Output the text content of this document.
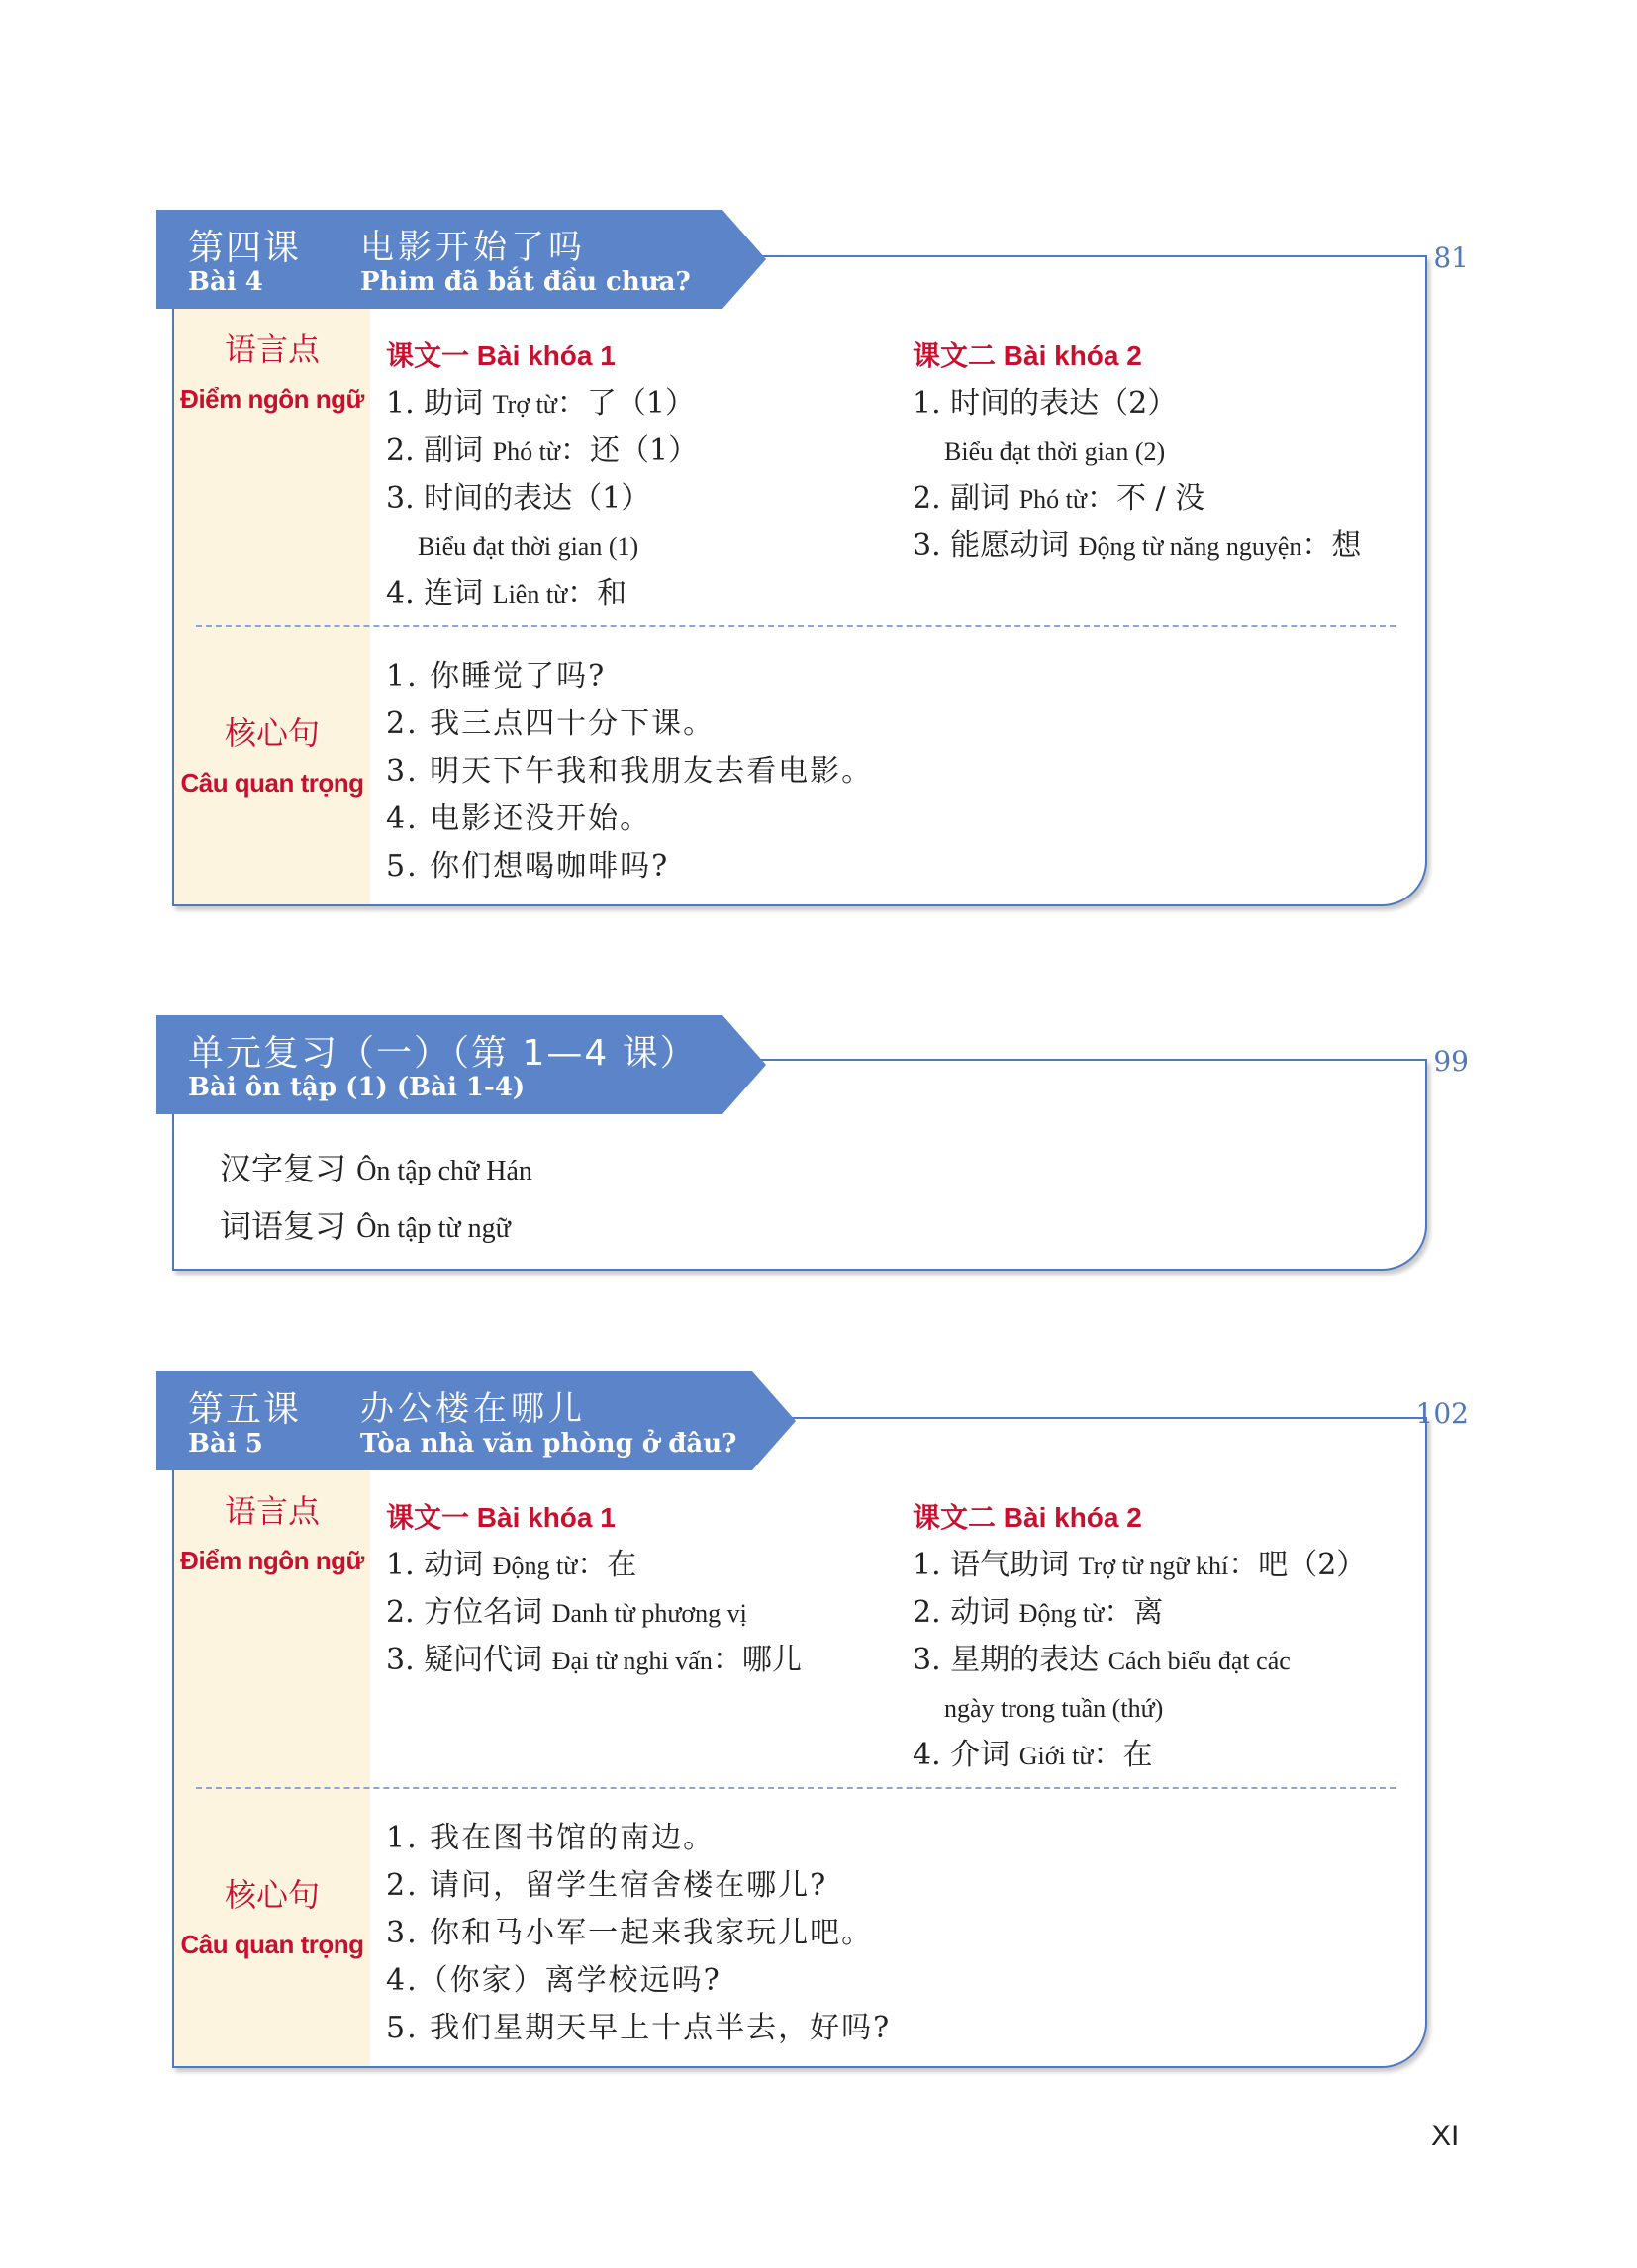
语言点
Điểm ngôn ngữ
课文一 Bài khóa 1
1. 助词 Trợ từ：了（1）
2. 副词 Phó từ：还（1）
3. 时间的表达（1）
Biểu đạt thời gian (1)
4. 连词 Liên từ：和
课文二 Bài khóa 2
1. 时间的表达（2）
Biểu đạt thời gian (2)
2. 副词 Phó từ：不 / 没
3. 能愿动词 Động từ năng nguyện：想
核心句
Câu quan trọng
1. 你睡觉了吗?
2. 我三点四十分下课。
3. 明天下午我和我朋友去看电影。
4. 电影还没开始。
5. 你们想喝咖啡吗?
第四课 电影开始了吗
Bài 4	Phim đã bắt đầu chưa?
81
汉字复习 Ôn tập chữ Hán
词语复习 Ôn tập từ ngữ
单元复习（一）（第 1—4 课）
Bài ôn tập (1) (Bài 1-4)
99
语言点
Điểm ngôn ngữ
课文一 Bài khóa 1
1. 动词 Động từ：在
2. 方位名词 Danh từ phương vị
3. 疑问代词 Đại từ nghi vấn：哪儿
课文二 Bài khóa 2
1. 语气助词 Trợ từ ngữ khí：吧（2）
2. 动词 Động từ：离
3. 星期的表达 Cách biểu đạt các
ngày trong tuần (thứ)
4. 介词 Giới từ：在
核心句
Câu quan trọng
1. 我在图书馆的南边。
2. 请问，留学生宿舍楼在哪儿?
3. 你和马小军一起来我家玩儿吧。
4.（你家）离学校远吗?
5. 我们星期天早上十点半去，好吗?
第五课 办公楼在哪儿
Bài 5	Tòa nhà văn phòng ở đâu?
102
XI
